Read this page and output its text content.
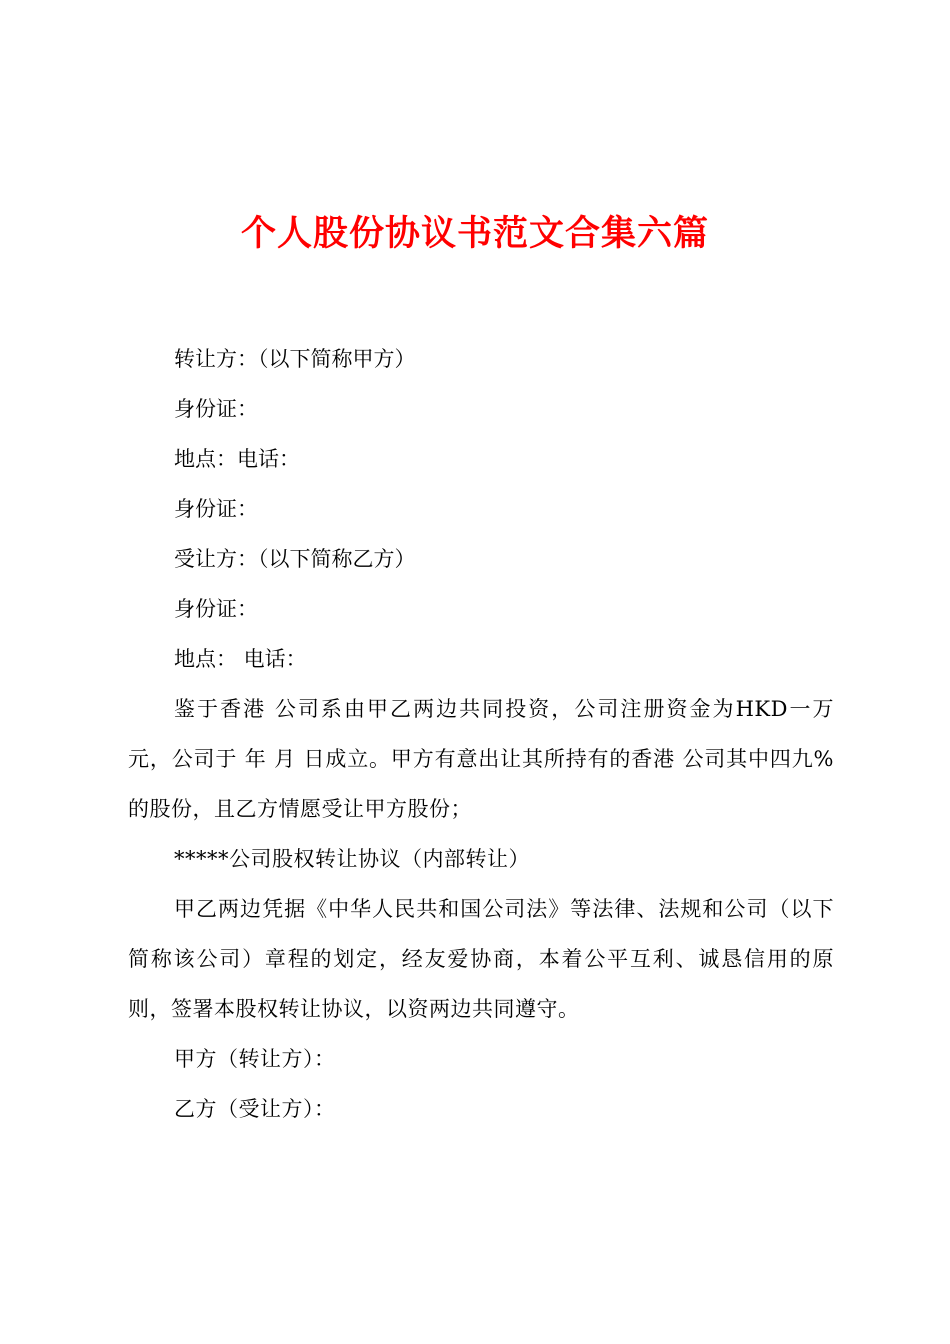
个人股份协议书范文合集六篇

转让方：（以下简称甲方）

身份证：

地点：电话：

身份证：

受让方：（以下简称乙方）

身份证：

地点： 电话：

鉴于香港 公司系由甲乙两边共同投资，公司注册资金为HKD一万元，公司于 年 月 日成立。甲方有意出让其所持有的香港 公司其中四九%的股份，且乙方情愿受让甲方股份；

*****公司股权转让协议（内部转让）

甲乙两边凭据《中华人民共和国公司法》等法律、法规和公司（以下简称该公司）章程的划定，经友爱协商，本着公平互利、诚恳信用的原则，签署本股权转让协议，以资两边共同遵守。

甲方（转让方）：

乙方（受让方）：
